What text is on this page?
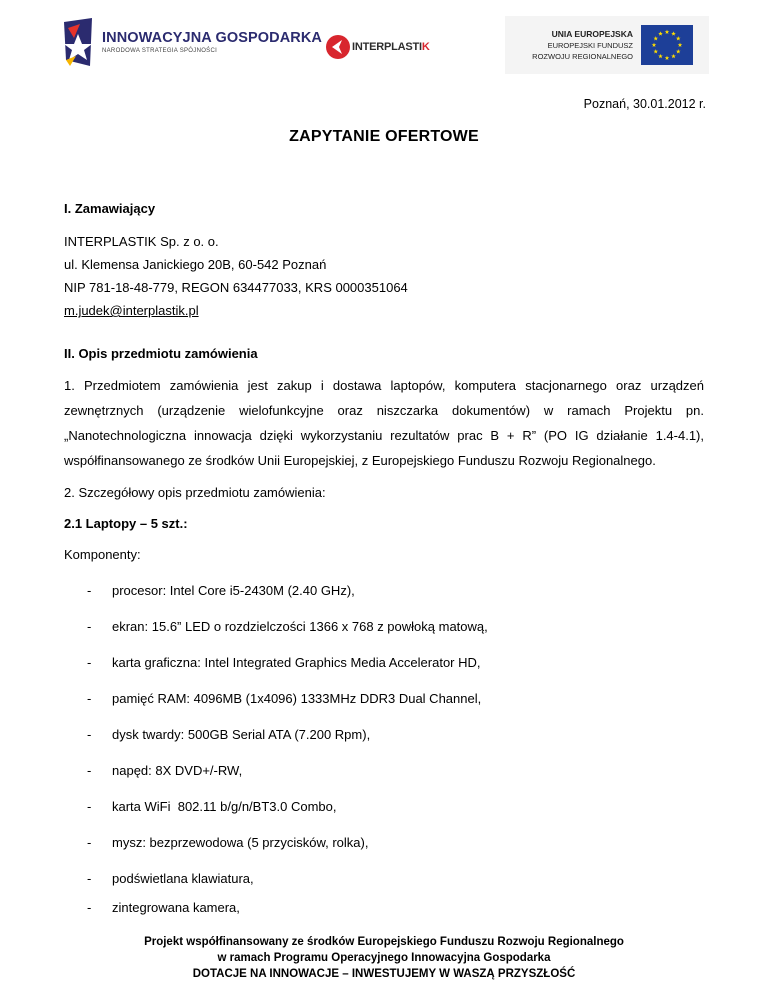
INNOWACYJNA GOSPODARKA
NARODOWA STRATEGIA SPÓJNOŚCI	INTERPLASTIK
UNIA EUROPEJSKA
EUROPEJSKI FUNDUSZ
ROZWOJU REGIONALNEGO
Poznań, 30.01.2012 r.
ZAPYTANIE OFERTOWE
I. Zamawiający
INTERPLASTIK Sp. z o. o.
ul. Klemensa Janickiego 20B, 60-542 Poznań
NIP 781-18-48-779, REGON 634477033, KRS 0000351064
m.judek@interplastik.pl
II. Opis przedmiotu zamówienia
1. Przedmiotem zamówienia jest zakup i dostawa laptopów, komputera stacjonarnego oraz urządzeń
zewnętrznych (urządzenie wielofunkcyjne oraz niszczarka dokumentów) w ramach Projektu pn.
„Nanotechnologiczna innowacja dzięki wykorzystaniu rezultatów prac B + R” (PO IG działanie 1.4-4.1),
współfinansowanego ze środków Unii Europejskiej, z Europejskiego Funduszu Rozwoju Regionalnego.
2. Szczegółowy opis przedmiotu zamówienia:
2.1 Laptopy – 5 szt.:
Komponenty:
- procesor: Intel Core i5-2430M (2.40 GHz),
- ekran: 15.6” LED o rozdzielczości 1366 x 768 z powłoką matową,
- karta graficzna: Intel Integrated Graphics Media Accelerator HD,
- pamięć RAM: 4096MB (1x4096) 1333MHz DDR3 Dual Channel,
- dysk twardy: 500GB Serial ATA (7.200 Rpm),
- napęd: 8X DVD+/-RW,
- karta WiFi  802.11 b/g/n/BT3.0 Combo,
- mysz: bezprzewodowa (5 przycisków, rolka),
- podświetlana klawiatura,
- zintegrowana kamera,
Projekt współfinansowany ze środków Europejskiego Funduszu Rozwoju Regionalnego
w ramach Programu Operacyjnego Innowacyjna Gospodarka
DOTACJE NA INNOWACJE – INWESTUJEMY W WASZĄ PRZYSZŁOŚĆ
